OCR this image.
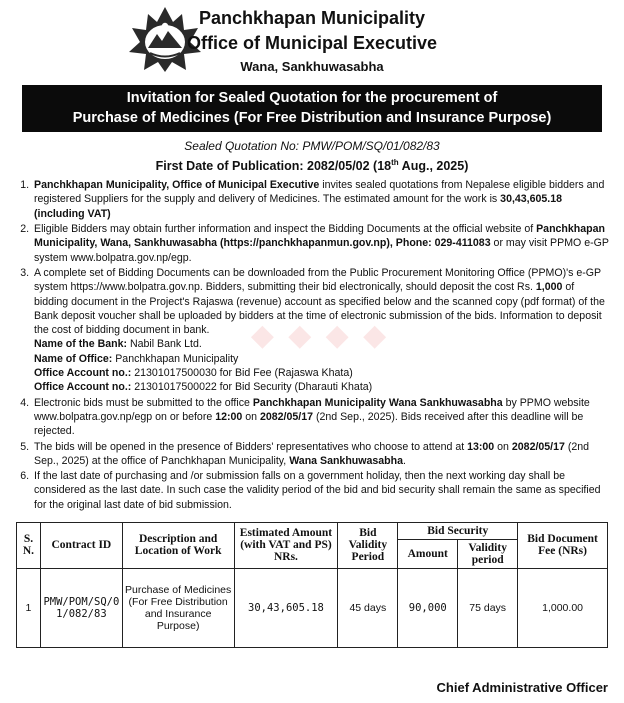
Panchkhapan Municipality
Office of Municipal Executive
Wana, Sankhuwasabha
Invitation for Sealed Quotation for the procurement of
Purchase of Medicines (For Free Distribution and Insurance Purpose)
Sealed Quotation No: PMW/POM/SQ/01/082/83
First Date of Publication: 2082/05/02 (18th Aug., 2025)
1. Panchkhapan Municipality, Office of Municipal Executive invites sealed quotations from Nepalese eligible bidders and registered Suppliers for the supply and delivery of Medicines. The estimated amount for the work is 30,43,605.18 (including VAT)
2. Eligible Bidders may obtain further information and inspect the Bidding Documents at the official website of Panchkhapan Municipality, Wana, Sankhuwasabha (https://panchkhapanmun.gov.np), Phone: 029-411083 or may visit PPMO e-GP system www.bolpatra.gov.np/egp.
3. A complete set of Bidding Documents can be downloaded from the Public Procurement Monitoring Office (PPMO)'s e-GP system https://www.bolpatra.gov.np. Bidders, submitting their bid electronically, should deposit the cost Rs. 1,000 of bidding document in the Project's Rajaswa (revenue) account as specified below and the scanned copy (pdf format) of the Bank deposit voucher shall be uploaded by bidders at the time of electronic submission of the bids. Information to deposit the cost of bidding document in bank.
Name of the Bank: Nabil Bank Ltd.
Name of Office: Panchkhapan Municipality
Office Account no.: 21301017500030 for Bid Fee (Rajaswa Khata)
Office Account no.: 21301017500022 for Bid Security (Dharauti Khata)
4. Electronic bids must be submitted to the office Panchkhapan Municipality Wana Sankhuwasabha by PPMO website www.bolpatra.gov.np/egp on or before 12:00 on 2082/05/17 (2nd Sep., 2025). Bids received after this deadline will be rejected.
5. The bids will be opened in the presence of Bidders' representatives who choose to attend at 13:00 on 2082/05/17 (2nd Sep., 2025) at the office of Panchkhapan Municipality, Wana Sankhuwasabha.
6. If the last date of purchasing and /or submission falls on a government holiday, then the next working day shall be considered as the last date. In such case the validity period of the bid and bid security shall remain the same as specified for the original last date of bid submission.
◆ ◆ ◆ ◆
S. N.	Contract ID	Description and Location of Work	Estimated Amount (with VAT and PS) NRs.	Bid Validity Period	Bid Security		Bid Document Fee (NRs)
					Amount	Validity period	
1	PMW/POM/SQ/01/082/83	Purchase of Medicines (For Free Distribution and Insurance Purpose)	30,43,605.18	45 days	90,000	75 days	1,000.00
Chief Administrative Officer
